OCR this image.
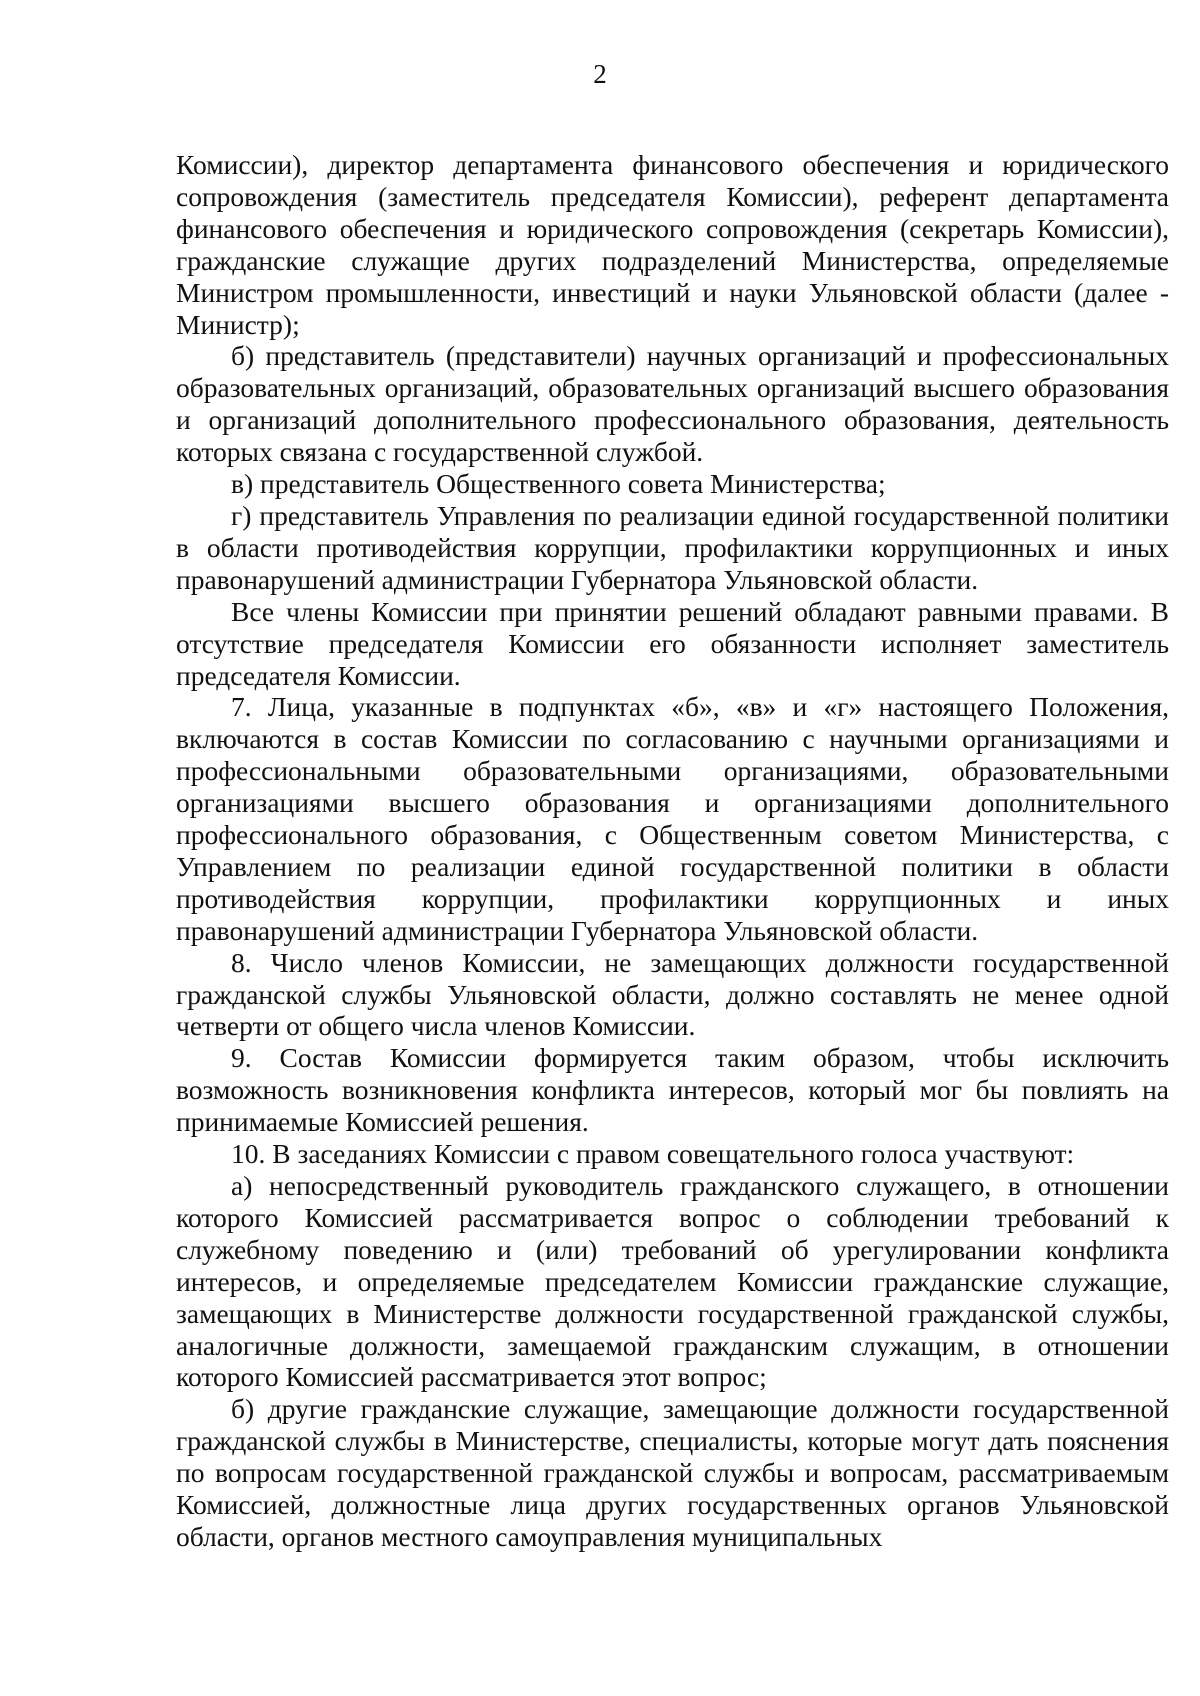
2

Комиссии), директор департамента финансового обеспечения и юридического сопровождения (заместитель председателя Комиссии), референт департамента финансового обеспечения и юридического сопровождения (секретарь Комиссии), гражданские служащие других подразделений Министерства, определяемые Министром промышленности, инвестиций и науки Ульяновской области (далее - Министр);

б) представитель (представители) научных организаций и профессиональных образовательных организаций, образовательных организаций высшего образования и организаций дополнительного профессионального образования, деятельность которых связана с государственной службой.

в) представитель Общественного совета Министерства;

г) представитель Управления по реализации единой государственной политики в области противодействия коррупции, профилактики коррупционных и иных правонарушений администрации Губернатора Ульяновской области.

Все члены Комиссии при принятии решений обладают равными правами. В отсутствие председателя Комиссии его обязанности исполняет заместитель председателя Комиссии.

7. Лица, указанные в подпунктах «б», «в» и «г» настоящего Положения, включаются в состав Комиссии по согласованию с научными организациями и профессиональными образовательными организациями, образовательными организациями высшего образования и организациями дополнительного профессионального образования, с Общественным советом Министерства, с Управлением по реализации единой государственной политики в области противодействия коррупции, профилактики коррупционных и иных правонарушений администрации Губернатора Ульяновской области.

8. Число членов Комиссии, не замещающих должности государственной гражданской службы Ульяновской области, должно составлять не менее одной четверти от общего числа членов Комиссии.

9. Состав Комиссии формируется таким образом, чтобы исключить возможность возникновения конфликта интересов, который мог бы повлиять на принимаемые Комиссией решения.

10. В заседаниях Комиссии с правом совещательного голоса участвуют:

а) непосредственный руководитель гражданского служащего, в отношении которого Комиссией рассматривается вопрос о соблюдении требований к служебному поведению и (или) требований об урегулировании конфликта интересов, и определяемые председателем Комиссии гражданские служащие, замещающих в Министерстве должности государственной гражданской службы, аналогичные должности, замещаемой гражданским служащим, в отношении которого Комиссией рассматривается этот вопрос;

б) другие гражданские служащие, замещающие должности государственной гражданской службы в Министерстве, специалисты, которые могут дать пояснения по вопросам государственной гражданской службы и вопросам, рассматриваемым Комиссией, должностные лица других государственных органов Ульяновской области, органов местного самоуправления муниципальных
